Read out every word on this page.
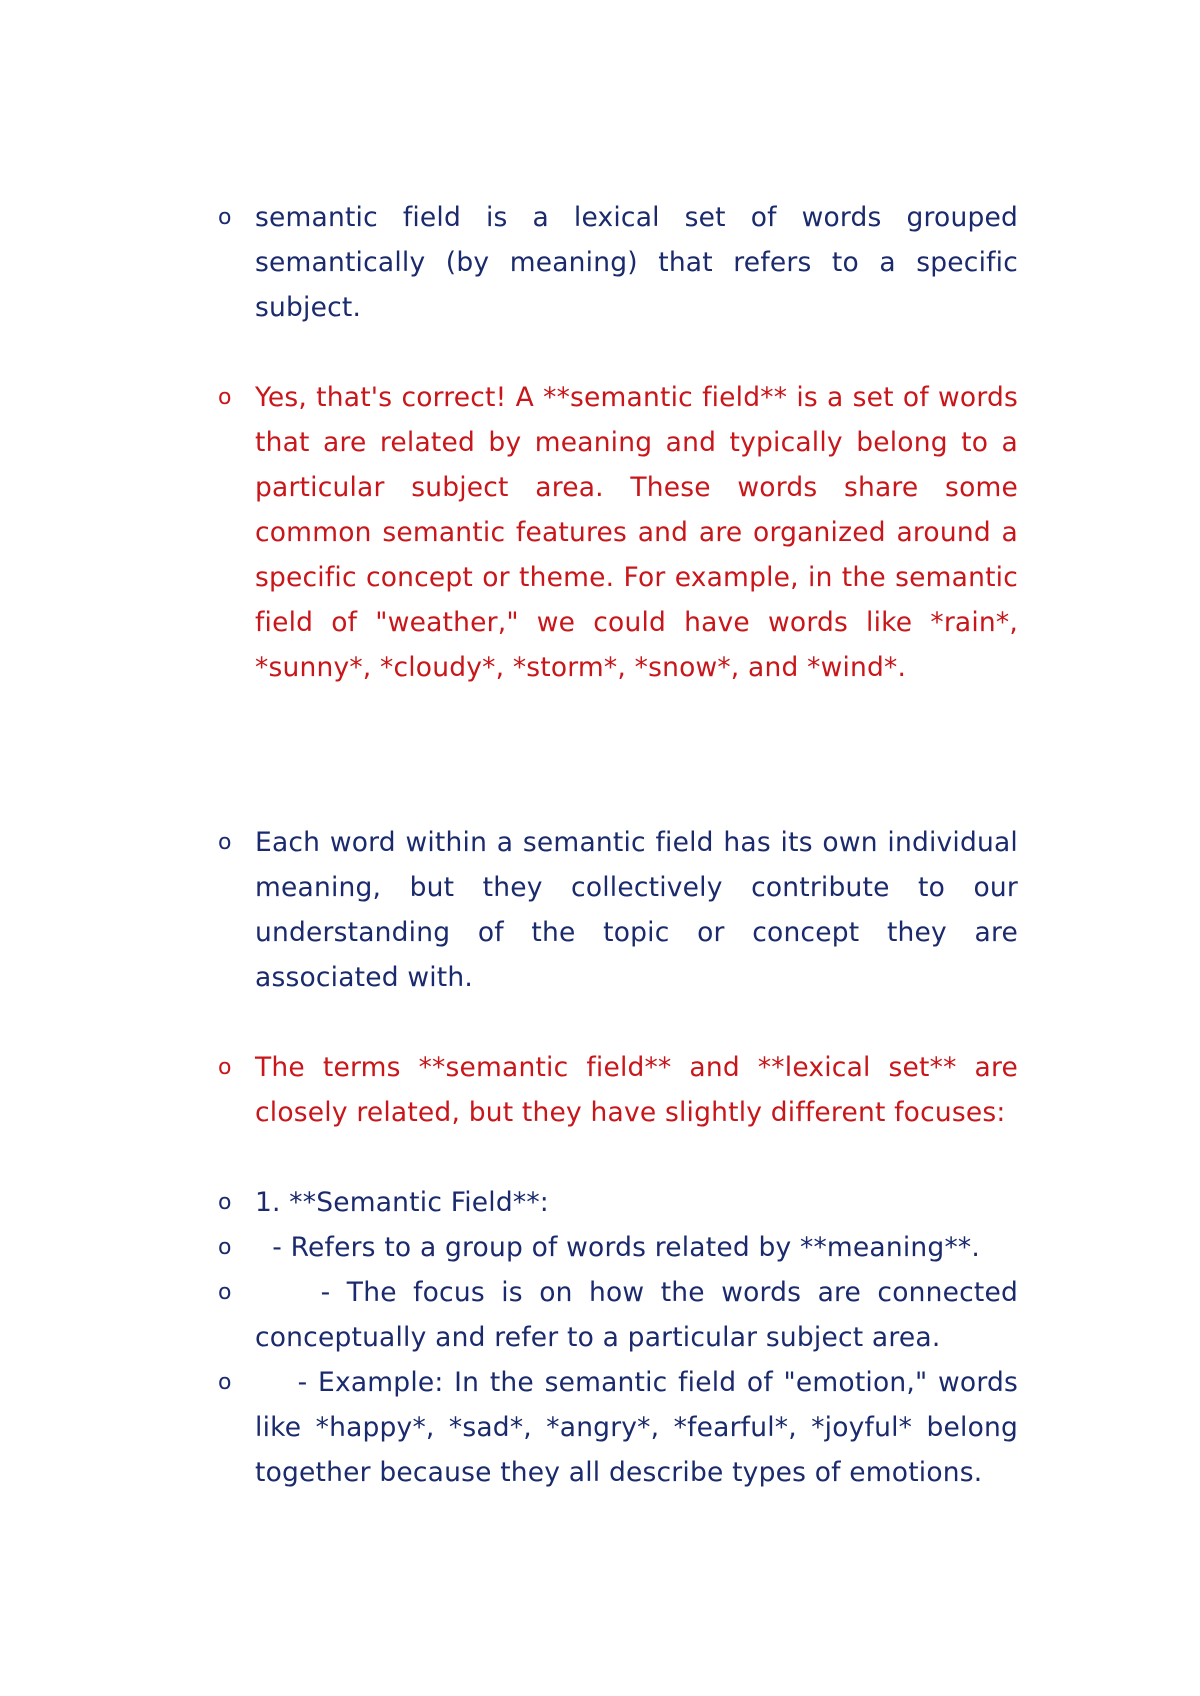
o semantic field is a lexical set of words grouped semantically (by meaning) that refers to a specific subject.
o Yes, that's correct! A **semantic field** is a set of words that are related by meaning and typically belong to a particular subject area. These words share some common semantic features and are organized around a specific concept or theme. For example, in the semantic field of "weather," we could have words like *rain*, *sunny*, *cloudy*, *storm*, *snow*, and *wind*.
o Each word within a semantic field has its own individual meaning, but they collectively contribute to our understanding of the topic or concept they are associated with.
o The terms **semantic field** and **lexical set** are closely related, but they have slightly different focuses:
o 1. **Semantic Field**:
o - Refers to a group of words related by **meaning**.
o - The focus is on how the words are connected conceptually and refer to a particular subject area.
o - Example: In the semantic field of "emotion," words like *happy*, *sad*, *angry*, *fearful*, *joyful* belong together because they all describe types of emotions.
